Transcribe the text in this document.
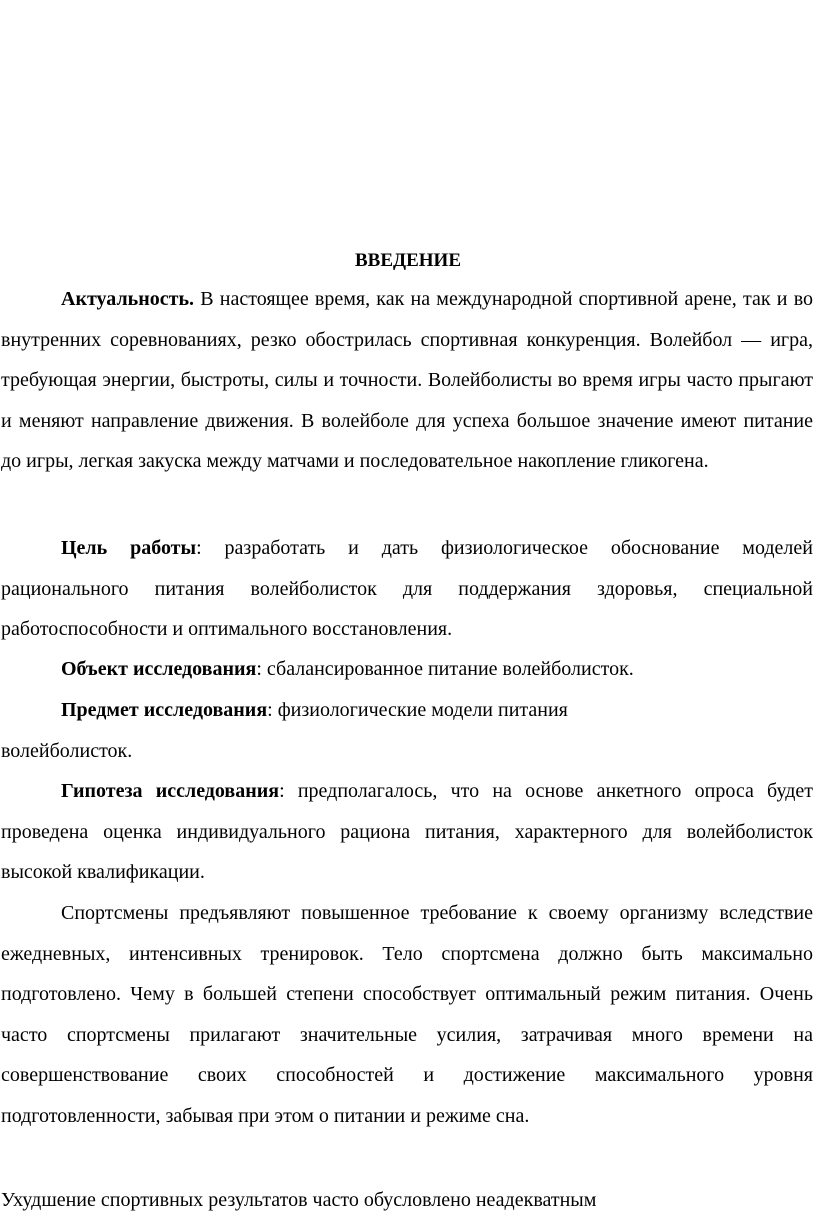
ВВЕДЕНИЕ

Актуальность. В настоящее время, как на международной спортивной арене, так и во внутренних соревнованиях, резко обострилась спортивная конкуренция. Волейбол — игра, требующая энергии, быстроты, силы и точности. Волейболисты во время игры часто прыгают и меняют направление движения. В волейболе для успеха большое значение имеют питание до игры, легкая закуска между матчами и последовательное накопление гликогена.

Цель работы: разработать и дать физиологическое обоснование моделей рационального питания волейболисток для поддержания здоровья, специальной работоспособности и оптимального восстановления.

Объект исследования: сбалансированное питание волейболисток.

Предмет исследования: физиологические модели питания волейболисток.

Гипотеза исследования: предполагалось, что на основе анкетного опроса будет проведена оценка индивидуального рациона питания, характерного для волейболисток высокой квалификации.

Спортсмены предъявляют повышенное требование к своему организму вследствие ежедневных, интенсивных тренировок. Тело спортсмена должно быть максимально подготовлено. Чему в большей степени способствует оптимальный режим питания. Очень часто спортсмены прилагают значительные усилия, затрачивая много времени на совершенствование своих способностей и достижение максимального уровня подготовленности, забывая при этом о питании и режиме сна.

Ухудшение спортивных результатов часто обусловлено неадекватным
